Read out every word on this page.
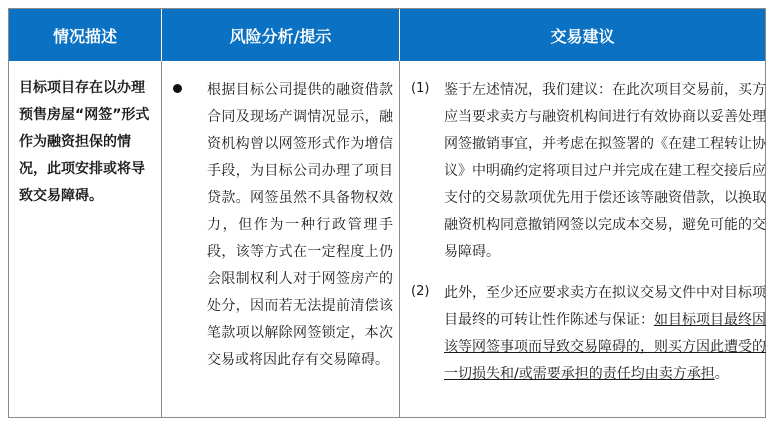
情况描述	风险分析/提示	交易建议
目标项目存在以办理预售房屋“网签”形式作为融资担保的情况，此项安排或将导致交易障碍。
根据目标公司提供的融资借款合同及现场产调情况显示，融资机构曾以网签形式作为增信手段，为目标公司办理了项目贷款。网签虽然不具备物权效力，但作为一种行政管理手段，该等方式在一定程度上仍会限制权利人对于网签房产的处分，因而若无法提前清偿该笔款项以解除网签锁定，本次交易或将因此存有交易障碍。
(1) 鉴于左述情况，我们建议：在此次项目交易前，买方应当要求卖方与融资机构间进行有效协商以妥善处理网签撤销事宜，并考虑在拟签署的《在建工程转让协议》中明确约定将项目过户并完成在建工程交接后应支付的交易款项优先用于偿还该等融资借款，以换取融资机构同意撤销网签以完成本交易，避免可能的交易障碍。
(2) 此外，至少还应要求卖方在拟议交易文件中对目标项目最终的可转让性作陈述与保证：如目标项目最终因该等网签事项而导致交易障碍的，则买方因此遭受的一切损失和/或需要承担的责任均由卖方承担。
